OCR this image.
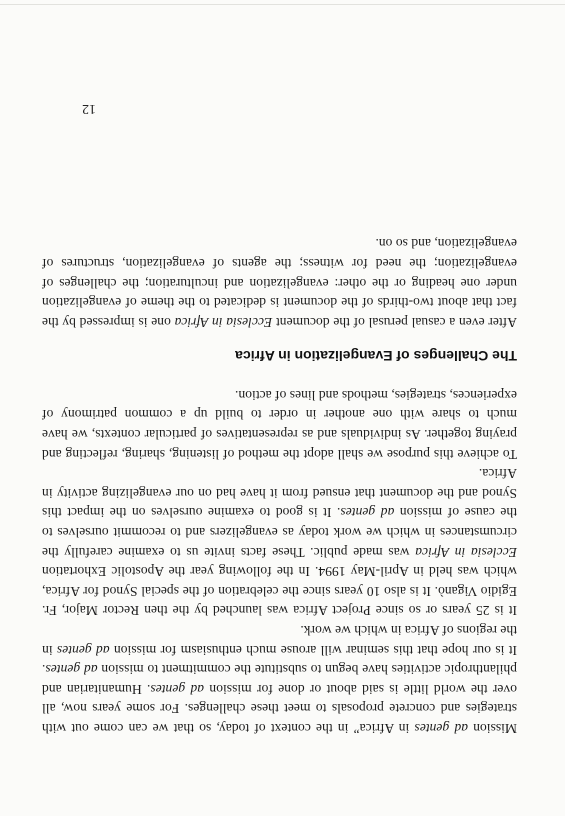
Mission ad gentes in Africa” in the context of today, so that we can come out with strategies and concrete proposals to meet these challenges. For some years now, all over the world little is said about or done for mission ad gentes. Humanitarian and philanthropic activities have begun to substitute the commitment to mission ad gentes. It is our hope that this seminar will arouse much enthusiasm for mission ad gentes in the regions of Africa in which we work.

It is 25 years or so since Project Africa was launched by the then Rector Major, Fr. Egidio Viganò. It is also 10 years since the celebration of the special Synod for Africa, which was held in April-May 1994. In the following year the Apostolic Exhortation Ecclesia in Africa was made public. These facts invite us to examine carefully the circumstances in which we work today as evangelizers and to recommit ourselves to the cause of mission ad gentes. It is good to examine ourselves on the impact this Synod and the document that ensued from it have had on our evangelizing activity in Africa.

To achieve this purpose we shall adopt the method of listening, sharing, reflecting and praying together. As individuals and as representatives of particular contexts, we have much to share with one another in order to build up a common patrimony of experiences, strategies, methods and lines of action.

The Challenges of Evangelization in Africa

After even a casual perusal of the document Ecclesia in Africa one is impressed by the fact that about two-thirds of the document is dedicated to the theme of evangelization under one heading or the other: evangelization and inculturation; the challenges of evangelization; the need for witness; the agents of evangelization, structures of evangelization, and so on.

12
